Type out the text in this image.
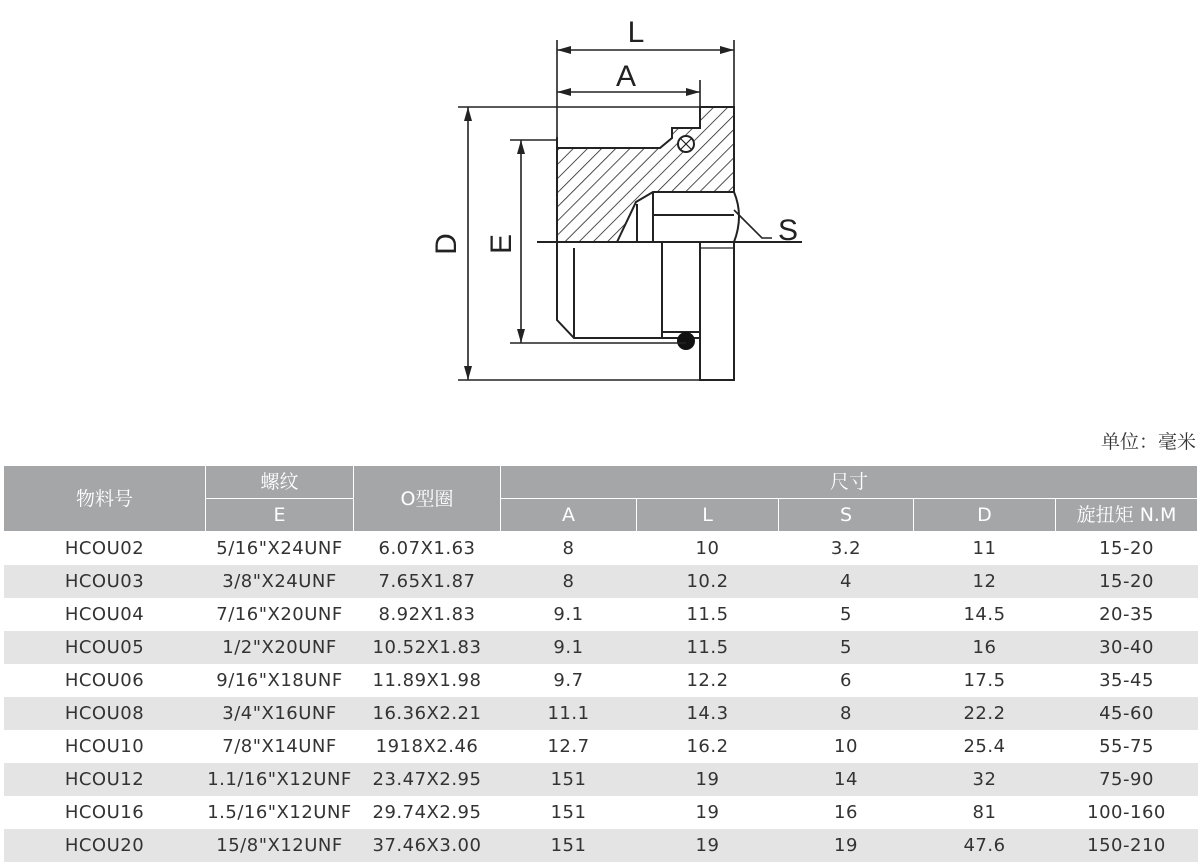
L
A
S
D E
单位：毫米
物料号	螺纹	O型圈	尺寸				
	E		A	L	S	D	旋扭矩 N.M
HCOU02	5/16"X24UNF	6.07X1.63	8	10	3.2	11	15-20
HCOU03	3/8"X24UNF	7.65X1.87	8	10.2	4	12	15-20
HCOU04	7/16"X20UNF	8.92X1.83	9.1	11.5	5	14.5	20-35
HCOU05	1/2"X20UNF	10.52X1.83	9.1	11.5	5	16	30-40
HCOU06	9/16"X18UNF	11.89X1.98	9.7	12.2	6	17.5	35-45
HCOU08	3/4"X16UNF	16.36X2.21	11.1	14.3	8	22.2	45-60
HCOU10	7/8"X14UNF	1918X2.46	12.7	16.2	10	25.4	55-75
HCOU12	1.1/16"X12UNF	23.47X2.95	151	19	14	32	75-90
HCOU16	1.5/16"X12UNF	29.74X2.95	151	19	16	81	100-160
HCOU20	15/8"X12UNF	37.46X3.00	151	19	19	47.6	150-210
